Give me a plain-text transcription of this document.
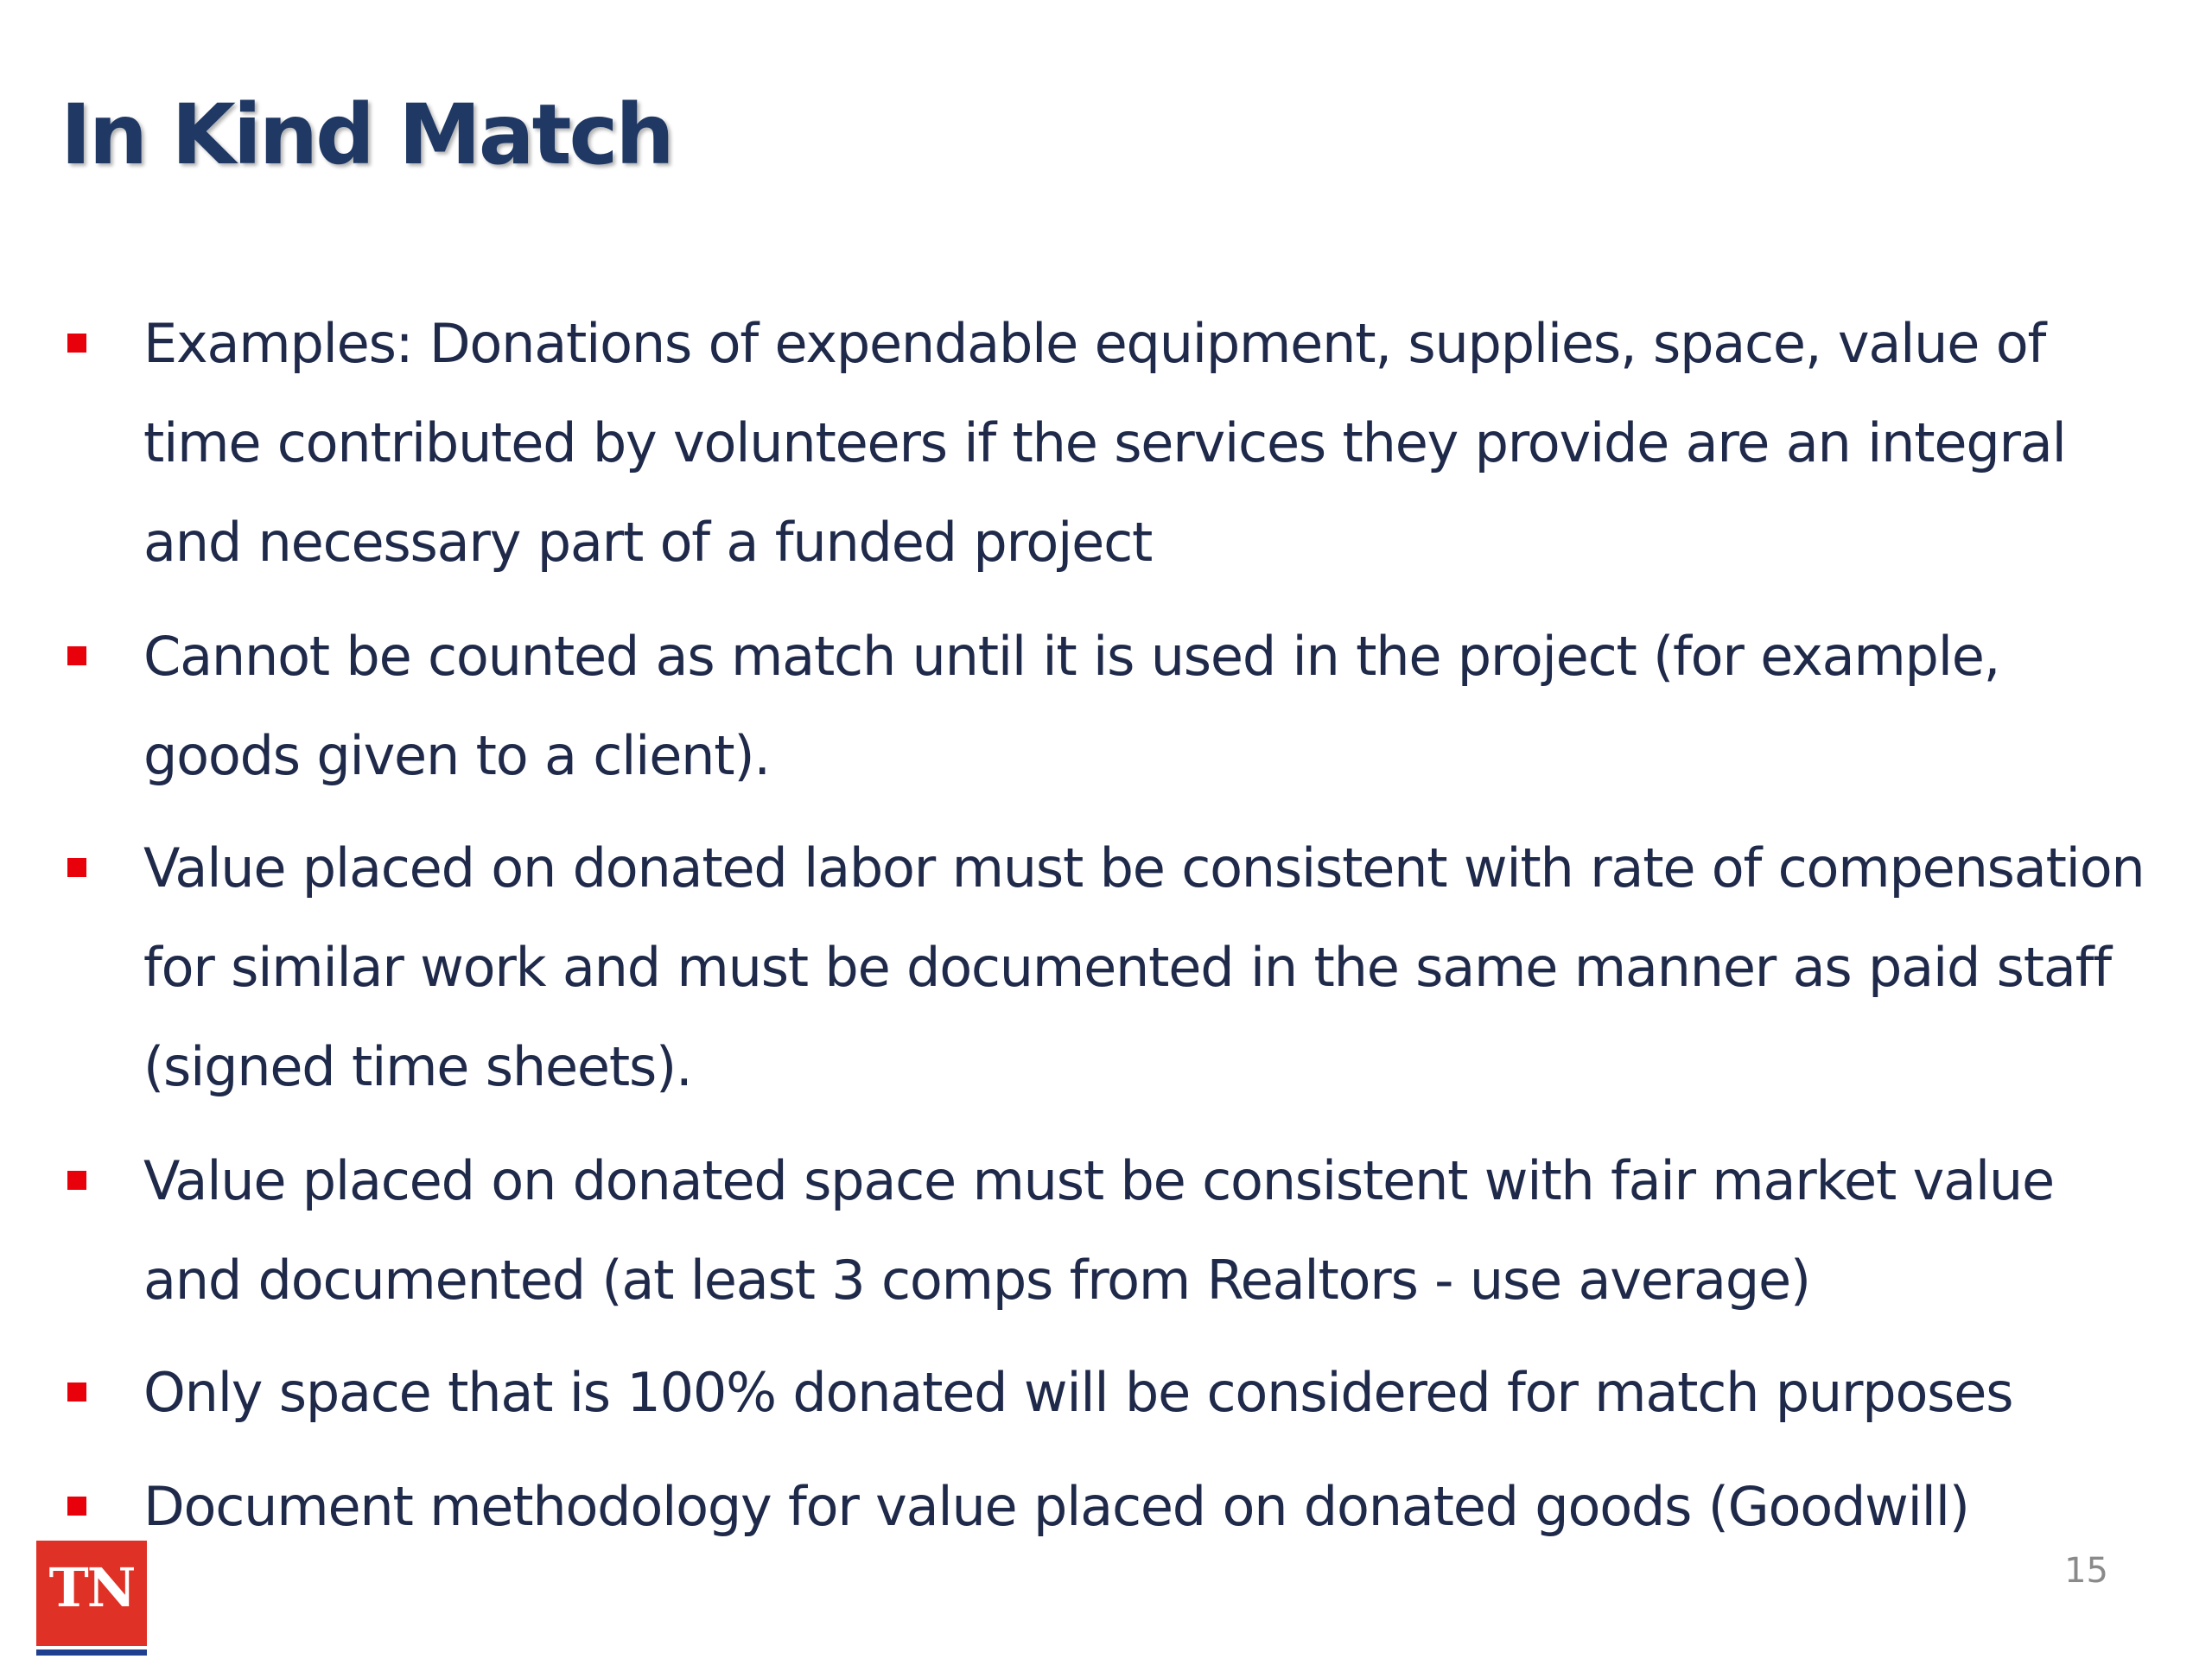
In Kind Match
Examples: Donations of expendable equipment, supplies, space, value of time contributed by volunteers if the services they provide are an integral and necessary part of a funded project
Cannot be counted as match until it is used in the project (for example, goods given to a client).
Value placed on donated labor must be consistent with rate of compensation for similar work and must be documented in the same manner as paid staff (signed time sheets).
Value placed on donated space must be consistent with fair market value and documented (at least 3 comps from Realtors - use average)
Only space that is 100% donated will be considered for match purposes
Document methodology for value placed on donated goods (Goodwill)
TN	15
